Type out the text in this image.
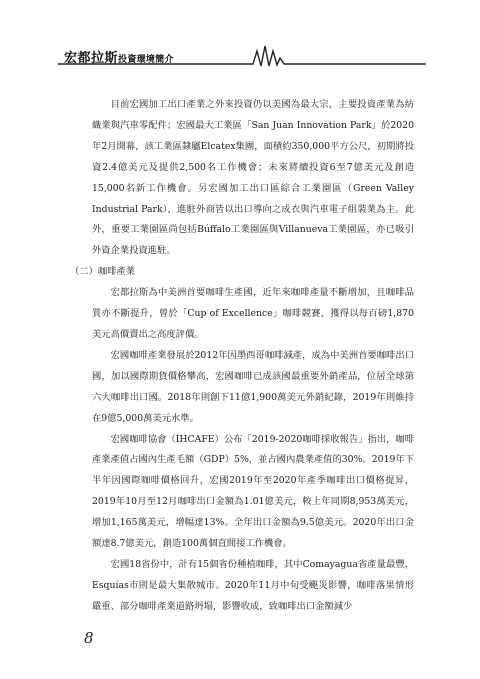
宏都拉斯投資環境簡介

目前宏國加工出口產業之外來投資仍以美國為最大宗，主要投資產業為紡織業與汽車零配件；宏國最大工業區「San Juan Innovation Park」於2020年2月開幕，該工業區隸屬Elcatex集團，面積約350,000平方公尺，初期將投資2.4億美元及提供2,500名工作機會；未來將續投資6至7億美元及創造15,000名新工作機會。另宏國加工出口區綜合工業園區（Green Valley Industrial Park），進駐外商皆以出口導向之成衣與汽車電子組裝業為主。此外，重要工業園區尚包括Búffalo工業園區與Villanueva工業園區，亦已吸引外資企業投資進駐。

（二）咖啡產業

宏都拉斯為中美洲首要咖啡生產國，近年來咖啡產量不斷增加，且咖啡品質亦不斷提升，曾於「Cup of Excellence」咖啡競賽，獲得以每百磅1,870美元高價賣出之高度評價。

宏國咖啡產業發展於2012年因墨西哥咖啡減產，成為中美洲首要咖啡出口國，加以國際期貨價格攀高，宏國咖啡已成該國最重要外銷產品，位居全球第六大咖啡出口國。2018年則創下11億1,900萬美元外銷紀錄，2019年則維持在9億5,000萬美元水準。

宏國咖啡協會（IHCAFE）公布「2019-2020咖啡採收報告」指出，咖啡產業產值占國內生產毛額（GDP）5%，並占國內農業產值的30%。2019年下半年因國際咖啡價格回升，宏國2019年至2020年產季咖啡出口價格提昇，2019年10月至12月咖啡出口金額為1.01億美元，較上年同期8,953萬美元，增加1,165萬美元，增幅達13%。全年出口金額為9.5億美元。2020年出口金額達8.7億美元，創造100萬個直間接工作機會。

宏國18省份中，計有15個省份種植咖啡，其中Comayagua省產量最豐，Esquías市則是最大集散城市。2020年11月中旬受颶災影響，咖啡落果情形嚴重、部分咖啡產業道路坍塌，影響收成，致咖啡出口金額減少

8
